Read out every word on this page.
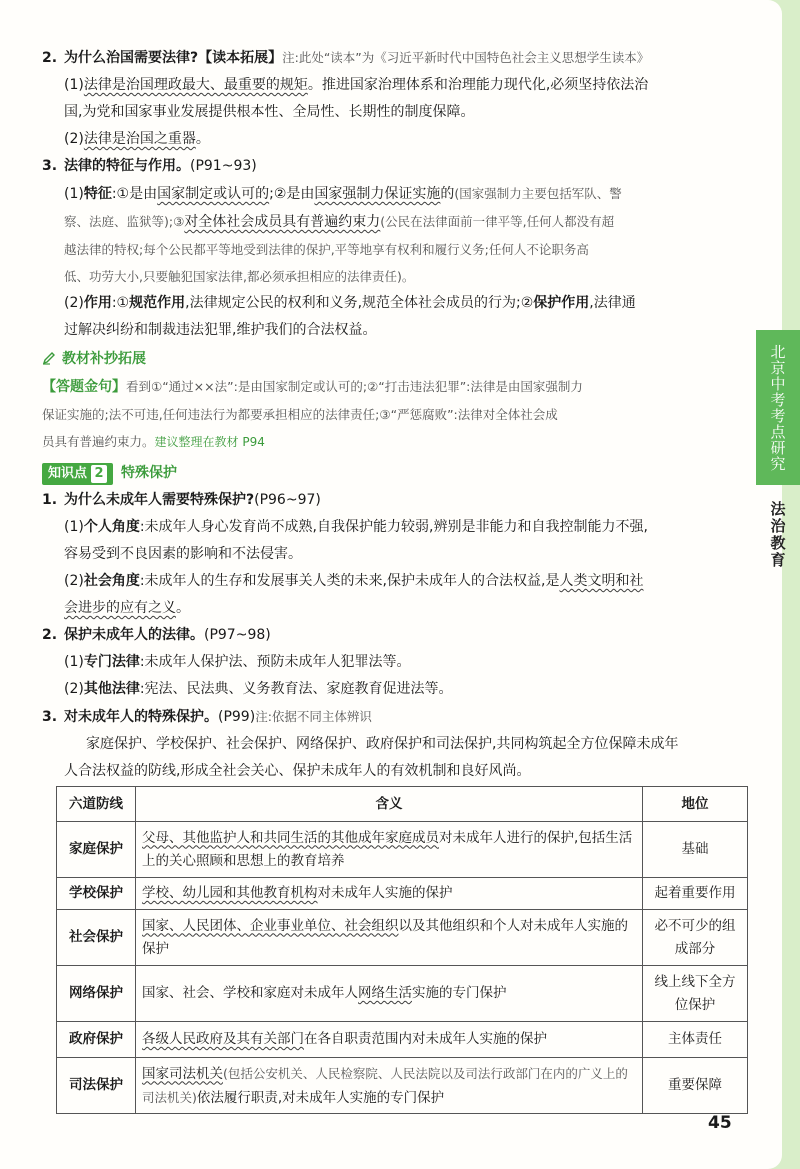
北京中考考点研究
法治教育
2. 为什么治国需要法律?【读本拓展】注:此处“读本”为《习近平新时代中国特色社会主义思想学生读本》
(1)法律是治国理政最大、最重要的规矩。推进国家治理体系和治理能力现代化,必须坚持依法治
国,为党和国家事业发展提供根本性、全局性、长期性的制度保障。
(2)法律是治国之重器。
3. 法律的特征与作用。(P91~93)
(1)特征:①是由国家制定或认可的;②是由国家强制力保证实施的(国家强制力主要包括军队、警
察、法庭、监狱等);③对全体社会成员具有普遍约束力(公民在法律面前一律平等,任何人都没有超
越法律的特权;每个公民都平等地受到法律的保护,平等地享有权利和履行义务;任何人不论职务高
低、功劳大小,只要触犯国家法律,都必须承担相应的法律责任)。
(2)作用:①规范作用,法律规定公民的权利和义务,规范全体社会成员的行为;②保护作用,法律通
过解决纠纷和制裁违法犯罪,维护我们的合法权益。
教材补抄拓展
【答题金句】看到①“通过××法”:是由国家制定或认可的;②“打击违法犯罪”:法律是由国家强制力
保证实施的;法不可违,任何违法行为都要承担相应的法律责任;③“严惩腐败”:法律对全体社会成
员具有普遍约束力。建议整理在教材 P94
知识点 2 特殊保护
1. 为什么未成年人需要特殊保护?(P96~97)
(1)个人角度:未成年人身心发育尚不成熟,自我保护能力较弱,辨别是非能力和自我控制能力不强,
容易受到不良因素的影响和不法侵害。
(2)社会角度:未成年人的生存和发展事关人类的未来,保护未成年人的合法权益,是人类文明和社
会进步的应有之义。
2. 保护未成年人的法律。(P97~98)
(1)专门法律:未成年人保护法、预防未成年人犯罪法等。
(2)其他法律:宪法、民法典、义务教育法、家庭教育促进法等。
3. 对未成年人的特殊保护。(P99)注:依据不同主体辨识
家庭保护、学校保护、社会保护、网络保护、政府保护和司法保护,共同构筑起全方位保障未成年
人合法权益的防线,形成全社会关心、保护未成年人的有效机制和良好风尚。
六道防线	含义	地位
家庭保护	父母、其他监护人和共同生活的其他成年家庭成员对未成年人进行的保护,包括生活上的关心照顾和思想上的教育培养	基础
学校保护	学校、幼儿园和其他教育机构对未成年人实施的保护	起着重要作用
社会保护	国家、人民团体、企业事业单位、社会组织以及其他组织和个人对未成年人实施的保护	必不可少的组成部分
网络保护	国家、社会、学校和家庭对未成年人网络生活实施的专门保护	线上线下全方位保护
政府保护	各级人民政府及其有关部门在各自职责范围内对未成年人实施的保护	主体责任
司法保护	国家司法机关(包括公安机关、人民检察院、人民法院以及司法行政部门在内的广义上的司法机关)依法履行职责,对未成年人实施的专门保护	重要保障
45
